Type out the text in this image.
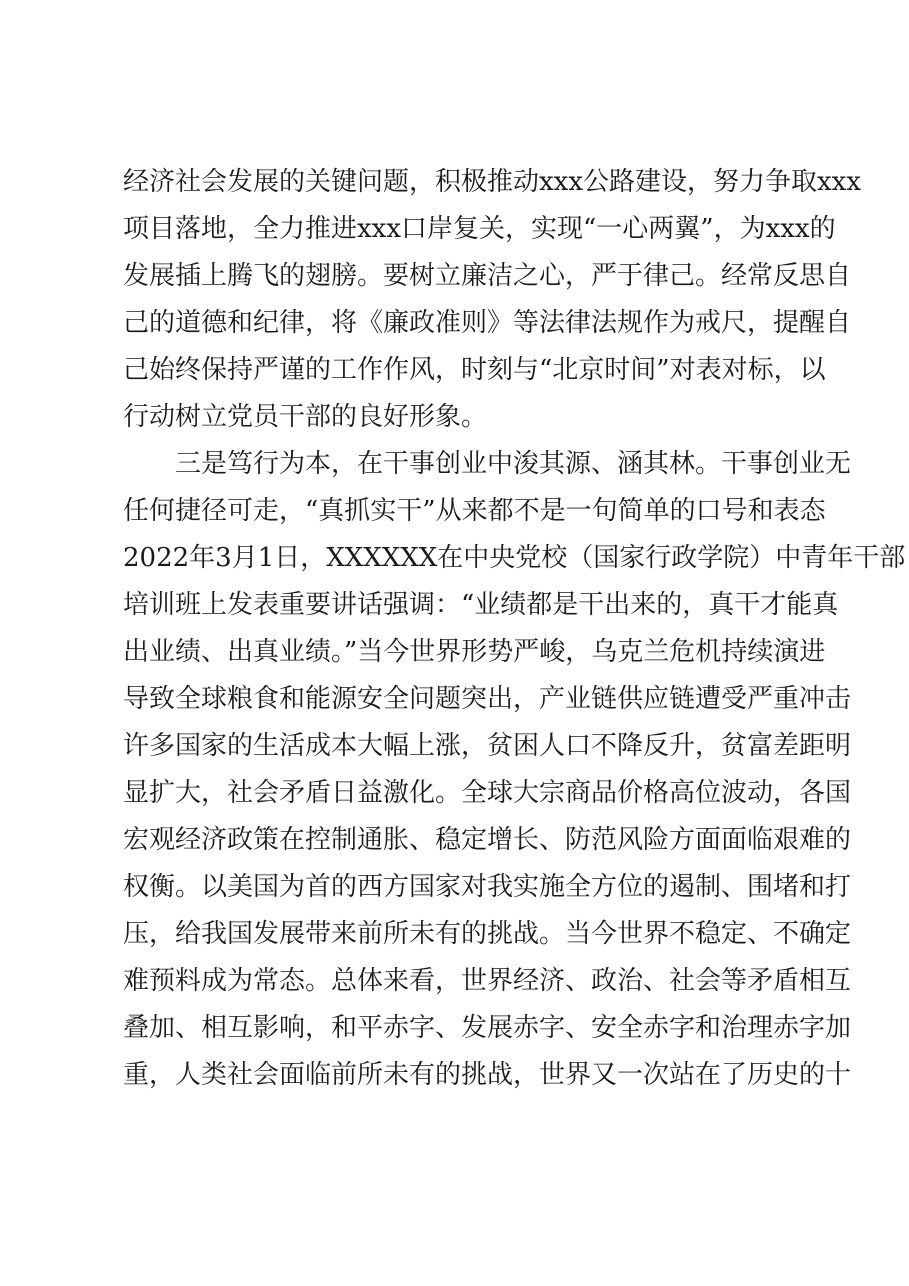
经济社会发展的关键问题，积极推动xxx公路建设，努力争取xxx
项目落地，全力推进xxx口岸复关，实现“一心两翼”，为xxx的
发展插上腾飞的翅膀。要树立廉洁之心，严于律己。经常反思自
己的道德和纪律，将《廉政准则》等法律法规作为戒尺，提醒自
己始终保持严谨的工作作风，时刻与“北京时间”对表对标，以
行动树立党员干部的良好形象。
三是笃行为本，在干事创业中浚其源、涵其林。干事创业无
任何捷径可走，“真抓实干”从来都不是一句简单的口号和表态
2022年3月1日，XXXXXX在中央党校（国家行政学院）中青年干部
培训班上发表重要讲话强调：“业绩都是干出来的，真干才能真
出业绩、出真业绩。”当今世界形势严峻，乌克兰危机持续演进
导致全球粮食和能源安全问题突出，产业链供应链遭受严重冲击
许多国家的生活成本大幅上涨，贫困人口不降反升，贫富差距明
显扩大，社会矛盾日益激化。全球大宗商品价格高位波动，各国
宏观经济政策在控制通胀、稳定增长、防范风险方面面临艰难的
权衡。以美国为首的西方国家对我实施全方位的遏制、围堵和打
压，给我国发展带来前所未有的挑战。当今世界不稳定、不确定
难预料成为常态。总体来看，世界经济、政治、社会等矛盾相互
叠加、相互影响，和平赤字、发展赤字、安全赤字和治理赤字加
重，人类社会面临前所未有的挑战，世界又一次站在了历史的十
